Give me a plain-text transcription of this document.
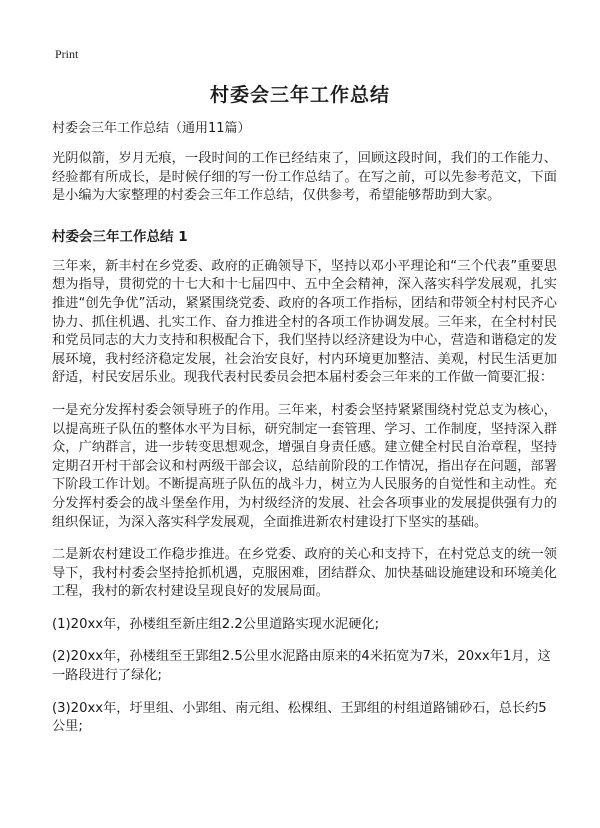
Print
村委会三年工作总结

村委会三年工作总结（通用11篇）

光阴似箭，岁月无痕，一段时间的工作已经结束了，回顾这段时间，我们的工作能力、经验都有所成长，是时候仔细的写一份工作总结了。在写之前，可以先参考范文，下面是小编为大家整理的村委会三年工作总结，仅供参考，希望能够帮助到大家。

村委会三年工作总结 1

三年来，新丰村在乡党委、政府的正确领导下，坚持以邓小平理论和“三个代表”重要思想为指导，贯彻党的十七大和十七届四中、五中全会精神，深入落实科学发展观，扎实推进“创先争优”活动，紧紧围绕党委、政府的各项工作指标，团结和带领全村村民齐心协力、抓住机遇、扎实工作、奋力推进全村的各项工作协调发展。三年来，在全村村民和党员同志的大力支持和积极配合下，我们坚持以经济建设为中心，营造和谐稳定的发展环境，我村经济稳定发展，社会治安良好，村内环境更加整洁、美观，村民生活更加舒适，村民安居乐业。现我代表村民委员会把本届村委会三年来的工作做一简要汇报：

一是充分发挥村委会领导班子的作用。三年来，村委会坚持紧紧围绕村党总支为核心，以提高班子队伍的整体水平为目标，研究制定一套管理、学习、工作制度，坚持深入群众，广纳群言，进一步转变思想观念，增强自身责任感。建立健全村民自治章程，坚持定期召开村干部会议和村两级干部会议，总结前阶段的工作情况，指出存在问题，部署下阶段工作计划。不断提高班子队伍的战斗力，树立为人民服务的自觉性和主动性。充分发挥村委会的战斗堡垒作用，为村级经济的发展、社会各项事业的发展提供强有力的组织保证，为深入落实科学发展观，全面推进新农村建设打下坚实的基础。

二是新农村建设工作稳步推进。在乡党委、政府的关心和支持下，在村党总支的统一领导下，我村村委会坚持抢抓机遇，克服困难，团结群众、加快基础设施建设和环境美化工程，我村的新农村建设呈现良好的发展局面。

(1)20xx年，孙楼组至新庄组2.2公里道路实现水泥硬化;

(2)20xx年，孙楼组至王郢组2.5公里水泥路由原来的4米拓宽为7米，20xx年1月，这一路段进行了绿化;

(3)20xx年，圩里组、小郢组、南元组、松棵组、王郢组的村组道路铺砂石，总长约5公里;
